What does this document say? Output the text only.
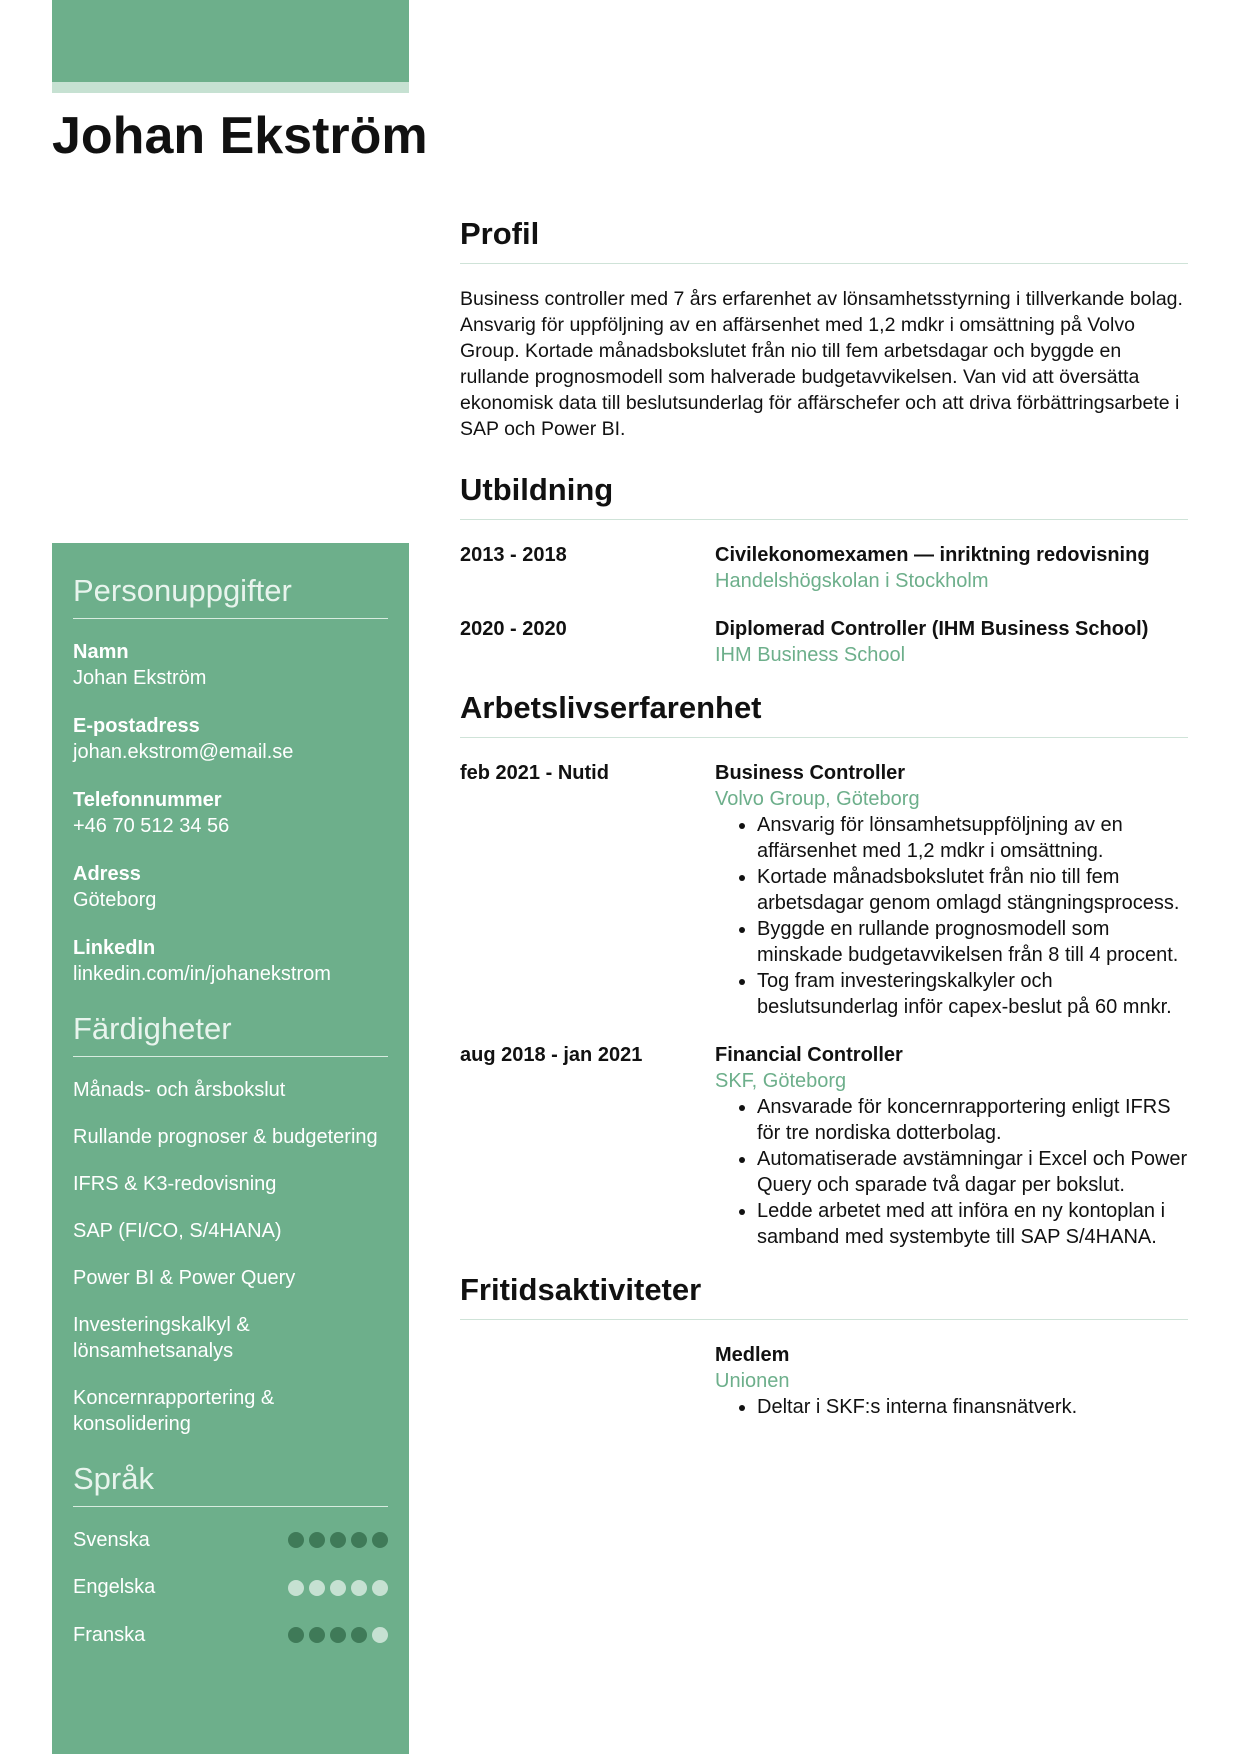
Johan Ekström
Personuppgifter
Namn
Johan Ekström
E-postadress
johan.ekstrom@email.se
Telefonnummer
+46 70 512 34 56
Adress
Göteborg
LinkedIn
linkedin.com/in/johanekstrom
Färdigheter
Månads- och årsbokslut
Rullande prognoser & budgetering
IFRS & K3-redovisning
SAP (FI/CO, S/4HANA)
Power BI & Power Query
Investeringskalkyl & lönsamhetsanalys
Koncernrapportering & konsolidering
Språk
Svenska
Engelska
Franska
Profil

Business controller med 7 års erfarenhet av lönsamhetsstyrning i tillverkande bolag. Ansvarig för uppföljning av en affärsenhet med 1,2 mdkr i omsättning på Volvo Group. Kortade månadsbokslutet från nio till fem arbetsdagar och byggde en rullande prognosmodell som halverade budgetavvikelsen. Van vid att översätta ekonomisk data till beslutsunderlag för affärschefer och att driva förbättringsarbete i SAP och Power BI.

Utbildning
2013 - 2018	Civilekonomexamen — inriktning redovisning
Handelshögskolan i Stockholm
2020 - 2020	Diplomerad Controller (IHM Business School)
IHM Business School
Arbetslivserfarenhet
feb 2021 - Nutid	Business Controller
Volvo Group, Göteborg
• Ansvarig för lönsamhetsuppföljning av en affärsenhet med 1,2 mdkr i omsättning.
• Kortade månadsbokslutet från nio till fem arbetsdagar genom omlagd stängningsprocess.
• Byggde en rullande prognosmodell som minskade budgetavvikelsen från 8 till 4 procent.
• Tog fram investeringskalkyler och beslutsunderlag inför capex-beslut på 60 mnkr.
aug 2018 - jan 2021	Financial Controller
SKF, Göteborg
• Ansvarade för koncernrapportering enligt IFRS för tre nordiska dotterbolag.
• Automatiserade avstämningar i Excel och Power Query och sparade två dagar per bokslut.
• Ledde arbetet med att införa en ny kontoplan i samband med systembyte till SAP S/4HANA.
Fritidsaktiviteter
Medlem
Unionen
• Deltar i SKF:s interna finansnätverk.
